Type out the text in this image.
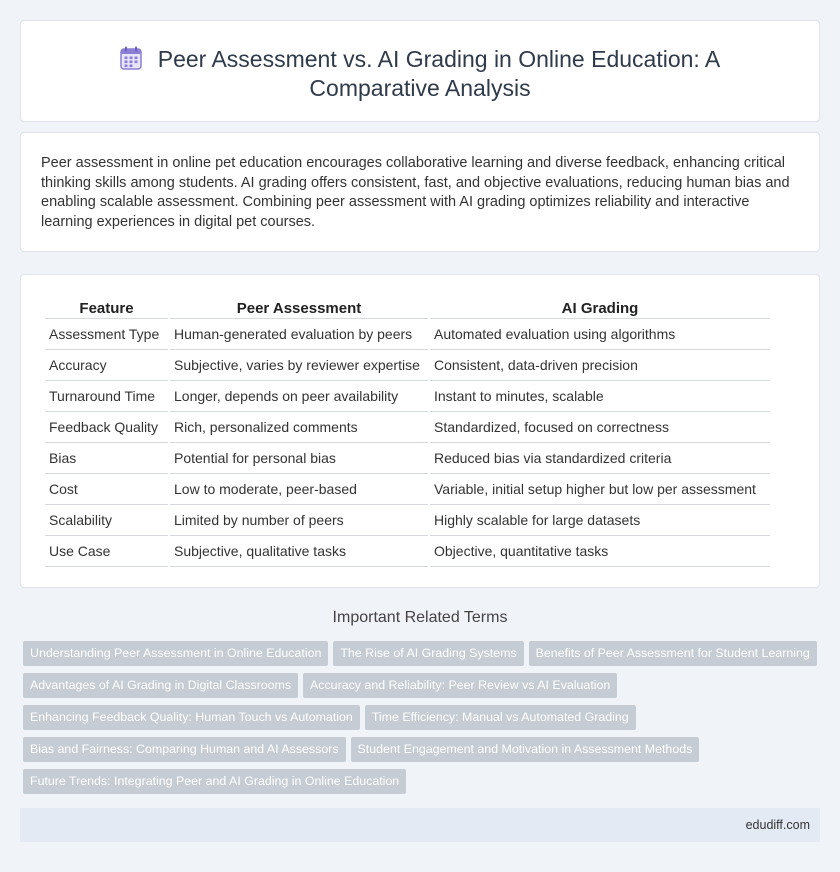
Peer Assessment vs. AI Grading in Online Education: A
Comparative Analysis

Peer assessment in online pet education encourages collaborative learning and diverse feedback, enhancing critical thinking skills among students. AI grading offers consistent, fast, and objective evaluations, reducing human bias and enabling scalable assessment. Combining peer assessment with AI grading optimizes reliability and interactive learning experiences in digital pet courses.

Feature	Peer Assessment	AI Grading
Assessment Type	Human-generated evaluation by peers	Automated evaluation using algorithms
Accuracy	Subjective, varies by reviewer expertise	Consistent, data-driven precision
Turnaround Time	Longer, depends on peer availability	Instant to minutes, scalable
Feedback Quality	Rich, personalized comments	Standardized, focused on correctness
Bias	Potential for personal bias	Reduced bias via standardized criteria
Cost	Low to moderate, peer-based	Variable, initial setup higher but low per assessment
Scalability	Limited by number of peers	Highly scalable for large datasets
Use Case	Subjective, qualitative tasks	Objective, quantitative tasks
Important Related Terms
Understanding Peer Assessment in Online Education The Rise of AI Grading Systems Benefits of Peer Assessment for Student Learning
Advantages of AI Grading in Digital Classrooms Accuracy and Reliability: Peer Review vs AI Evaluation
Enhancing Feedback Quality: Human Touch vs Automation Time Efficiency: Manual vs Automated Grading
Bias and Fairness: Comparing Human and AI Assessors Student Engagement and Motivation in Assessment Methods
Future Trends: Integrating Peer and AI Grading in Online Education
edudiff.com
